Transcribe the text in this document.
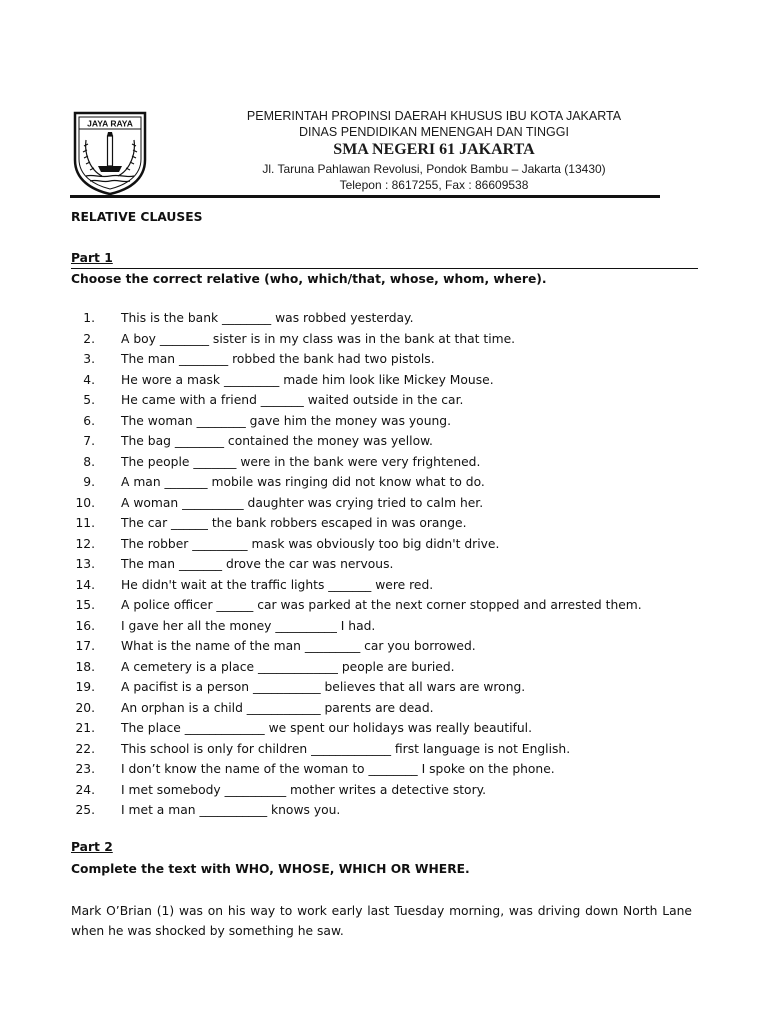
JAYA RAYA
PEMERINTAH PROPINSI DAERAH KHUSUS IBU KOTA JAKARTA
DINAS PENDIDIKAN MENENGAH DAN TINGGI
SMA NEGERI 61 JAKARTA
Jl. Taruna Pahlawan Revolusi, Pondok Bambu – Jakarta (13430)
Telepon : 8617255, Fax : 86609538
RELATIVE CLAUSES
Part 1
Choose the correct relative (who, which/that, whose, whom, where).
1. This is the bank ________ was robbed yesterday.
2. A boy ________ sister is in my class was in the bank at that time.
3. The man ________ robbed the bank had two pistols.
4. He wore a mask _________ made him look like Mickey Mouse.
5. He came with a friend _______ waited outside in the car.
6. The woman ________ gave him the money was young.
7. The bag ________ contained the money was yellow.
8. The people _______ were in the bank were very frightened.
9. A man _______ mobile was ringing did not know what to do.
10. A woman __________ daughter was crying tried to calm her.
11. The car ______ the bank robbers escaped in was orange.
12. The robber _________ mask was obviously too big didn't drive.
13. The man _______ drove the car was nervous.
14. He didn't wait at the traffic lights _______ were red.
15. A police officer ______ car was parked at the next corner stopped and arrested them.
16. I gave her all the money __________ I had.
17. What is the name of the man _________ car you borrowed.
18. A cemetery is a place _____________ people are buried.
19. A pacifist is a person ___________ believes that all wars are wrong.
20. An orphan is a child ____________ parents are dead.
21. The place _____________ we spent our holidays was really beautiful.
22. This school is only for children _____________ first language is not English.
23. I don’t know the name of the woman to ________ I spoke on the phone.
24. I met somebody __________ mother writes a detective story.
25. I met a man ___________ knows you.
Part 2
Complete the text with WHO, WHOSE, WHICH OR WHERE.
Mark O’Brian (1) was on his way to work early last Tuesday morning, was driving down North Lane when he was shocked by something he saw.
